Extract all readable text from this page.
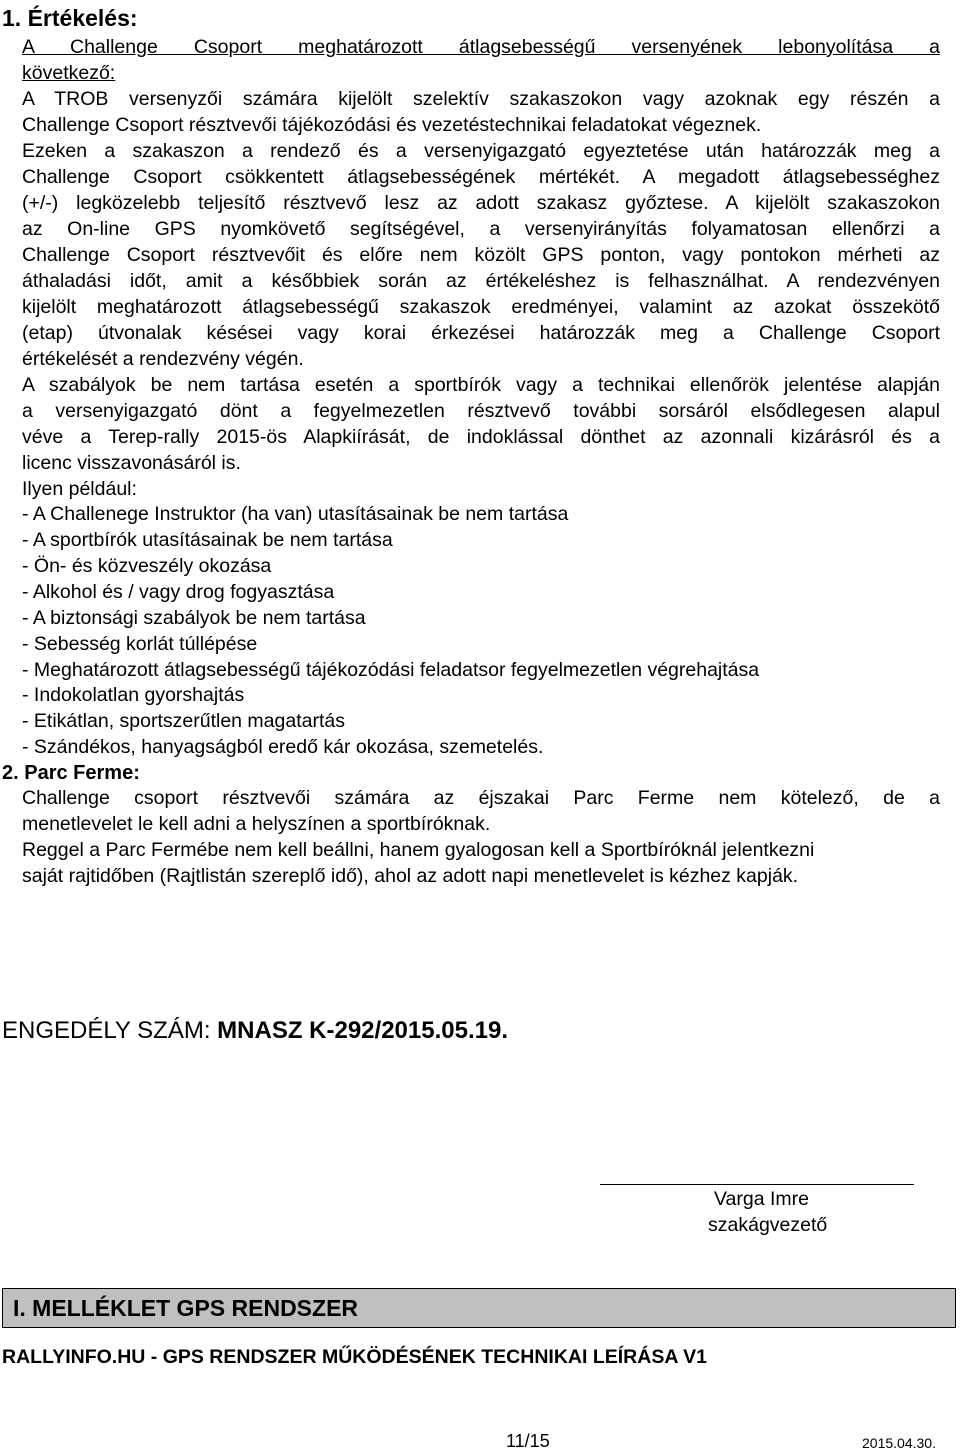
1. Értékelés:
A Challenge Csoport meghatározott átlagsebességű versenyének lebonyolítása a
következő:
A TROB versenyzői számára kijelölt szelektív szakaszokon vagy azoknak egy részén a
Challenge Csoport résztvevői tájékozódási és vezetéstechnikai feladatokat végeznek.
Ezeken a szakaszon a rendező és a versenyigazgató egyeztetése után határozzák meg a
Challenge Csoport csökkentett átlagsebességének mértékét. A megadott átlagsebességhez
(+/-) legközelebb teljesítő résztvevő lesz az adott szakasz győztese. A kijelölt szakaszokon
az On-line GPS nyomkövető segítségével, a versenyirányítás folyamatosan ellenőrzi a
Challenge Csoport résztvevőit és előre nem közölt GPS ponton, vagy pontokon mérheti az
áthaladási időt, amit a későbbiek során az értékeléshez is felhasználhat. A rendezvényen
kijelölt meghatározott átlagsebességű szakaszok eredményei, valamint az azokat összekötő
(etap) útvonalak késései vagy korai érkezései határozzák meg a Challenge Csoport
értékelését a rendezvény végén.
A szabályok be nem tartása esetén a sportbírók vagy a technikai ellenőrök jelentése alapján
a versenyigazgató dönt a fegyelmezetlen résztvevő további sorsáról elsődlegesen alapul
véve a Terep-rally 2015-ös Alapkiírását, de indoklással dönthet az azonnali kizárásról és a
licenc visszavonásáról is.
Ilyen például:
- A Challenege Instruktor (ha van) utasításainak be nem tartása
- A sportbírók utasításainak be nem tartása
- Ön- és közveszély okozása
- Alkohol és / vagy drog fogyasztása
- A biztonsági szabályok be nem tartása
- Sebesség korlát túllépése
- Meghatározott átlagsebességű tájékozódási feladatsor fegyelmezetlen végrehajtása
- Indokolatlan gyorshajtás
- Etikátlan, sportszerűtlen magatartás
- Szándékos, hanyagságból eredő kár okozása, szemetelés.
2. Parc Ferme:
Challenge csoport résztvevői számára az éjszakai Parc Ferme nem kötelező, de a
menetlevelet le kell adni a helyszínen a sportbíróknak.
Reggel a Parc Fermébe nem kell beállni, hanem gyalogosan kell a Sportbíróknál jelentkezni
saját rajtidőben (Rajtlistán szereplő idő), ahol az adott napi menetlevelet is kézhez kapják.
ENGEDÉLY SZÁM: MNASZ K-292/2015.05.19.
Varga Imre
szakágvezető
I. MELLÉKLET GPS RENDSZER
RALLYINFO.HU - GPS RENDSZER MŰKÖDÉSÉNEK TECHNIKAI LEÍRÁSA V1
11/15	2015.04.30.
